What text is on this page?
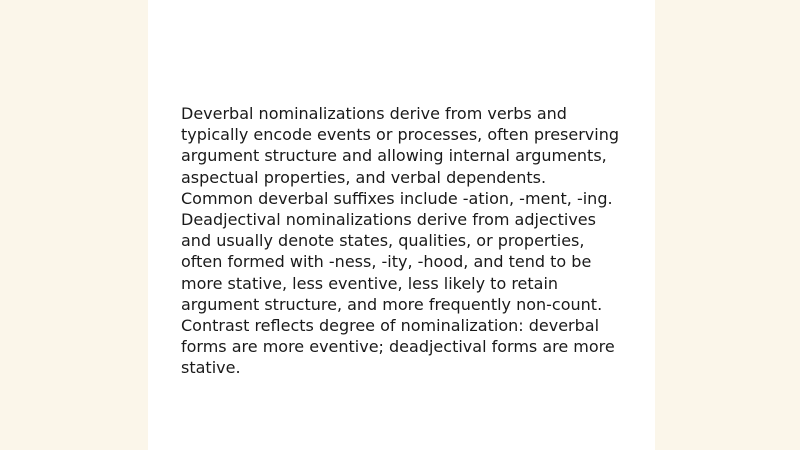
Deverbal nominalizations derive from verbs and
typically encode events or processes, often preserving
argument structure and allowing internal arguments,
aspectual properties, and verbal dependents.
Common deverbal suffixes include -ation, -ment, -ing.
Deadjectival nominalizations derive from adjectives
and usually denote states, qualities, or properties,
often formed with -ness, -ity, -hood, and tend to be
more stative, less eventive, less likely to retain
argument structure, and more frequently non-count.
Contrast reflects degree of nominalization: deverbal
forms are more eventive; deadjectival forms are more
stative.
